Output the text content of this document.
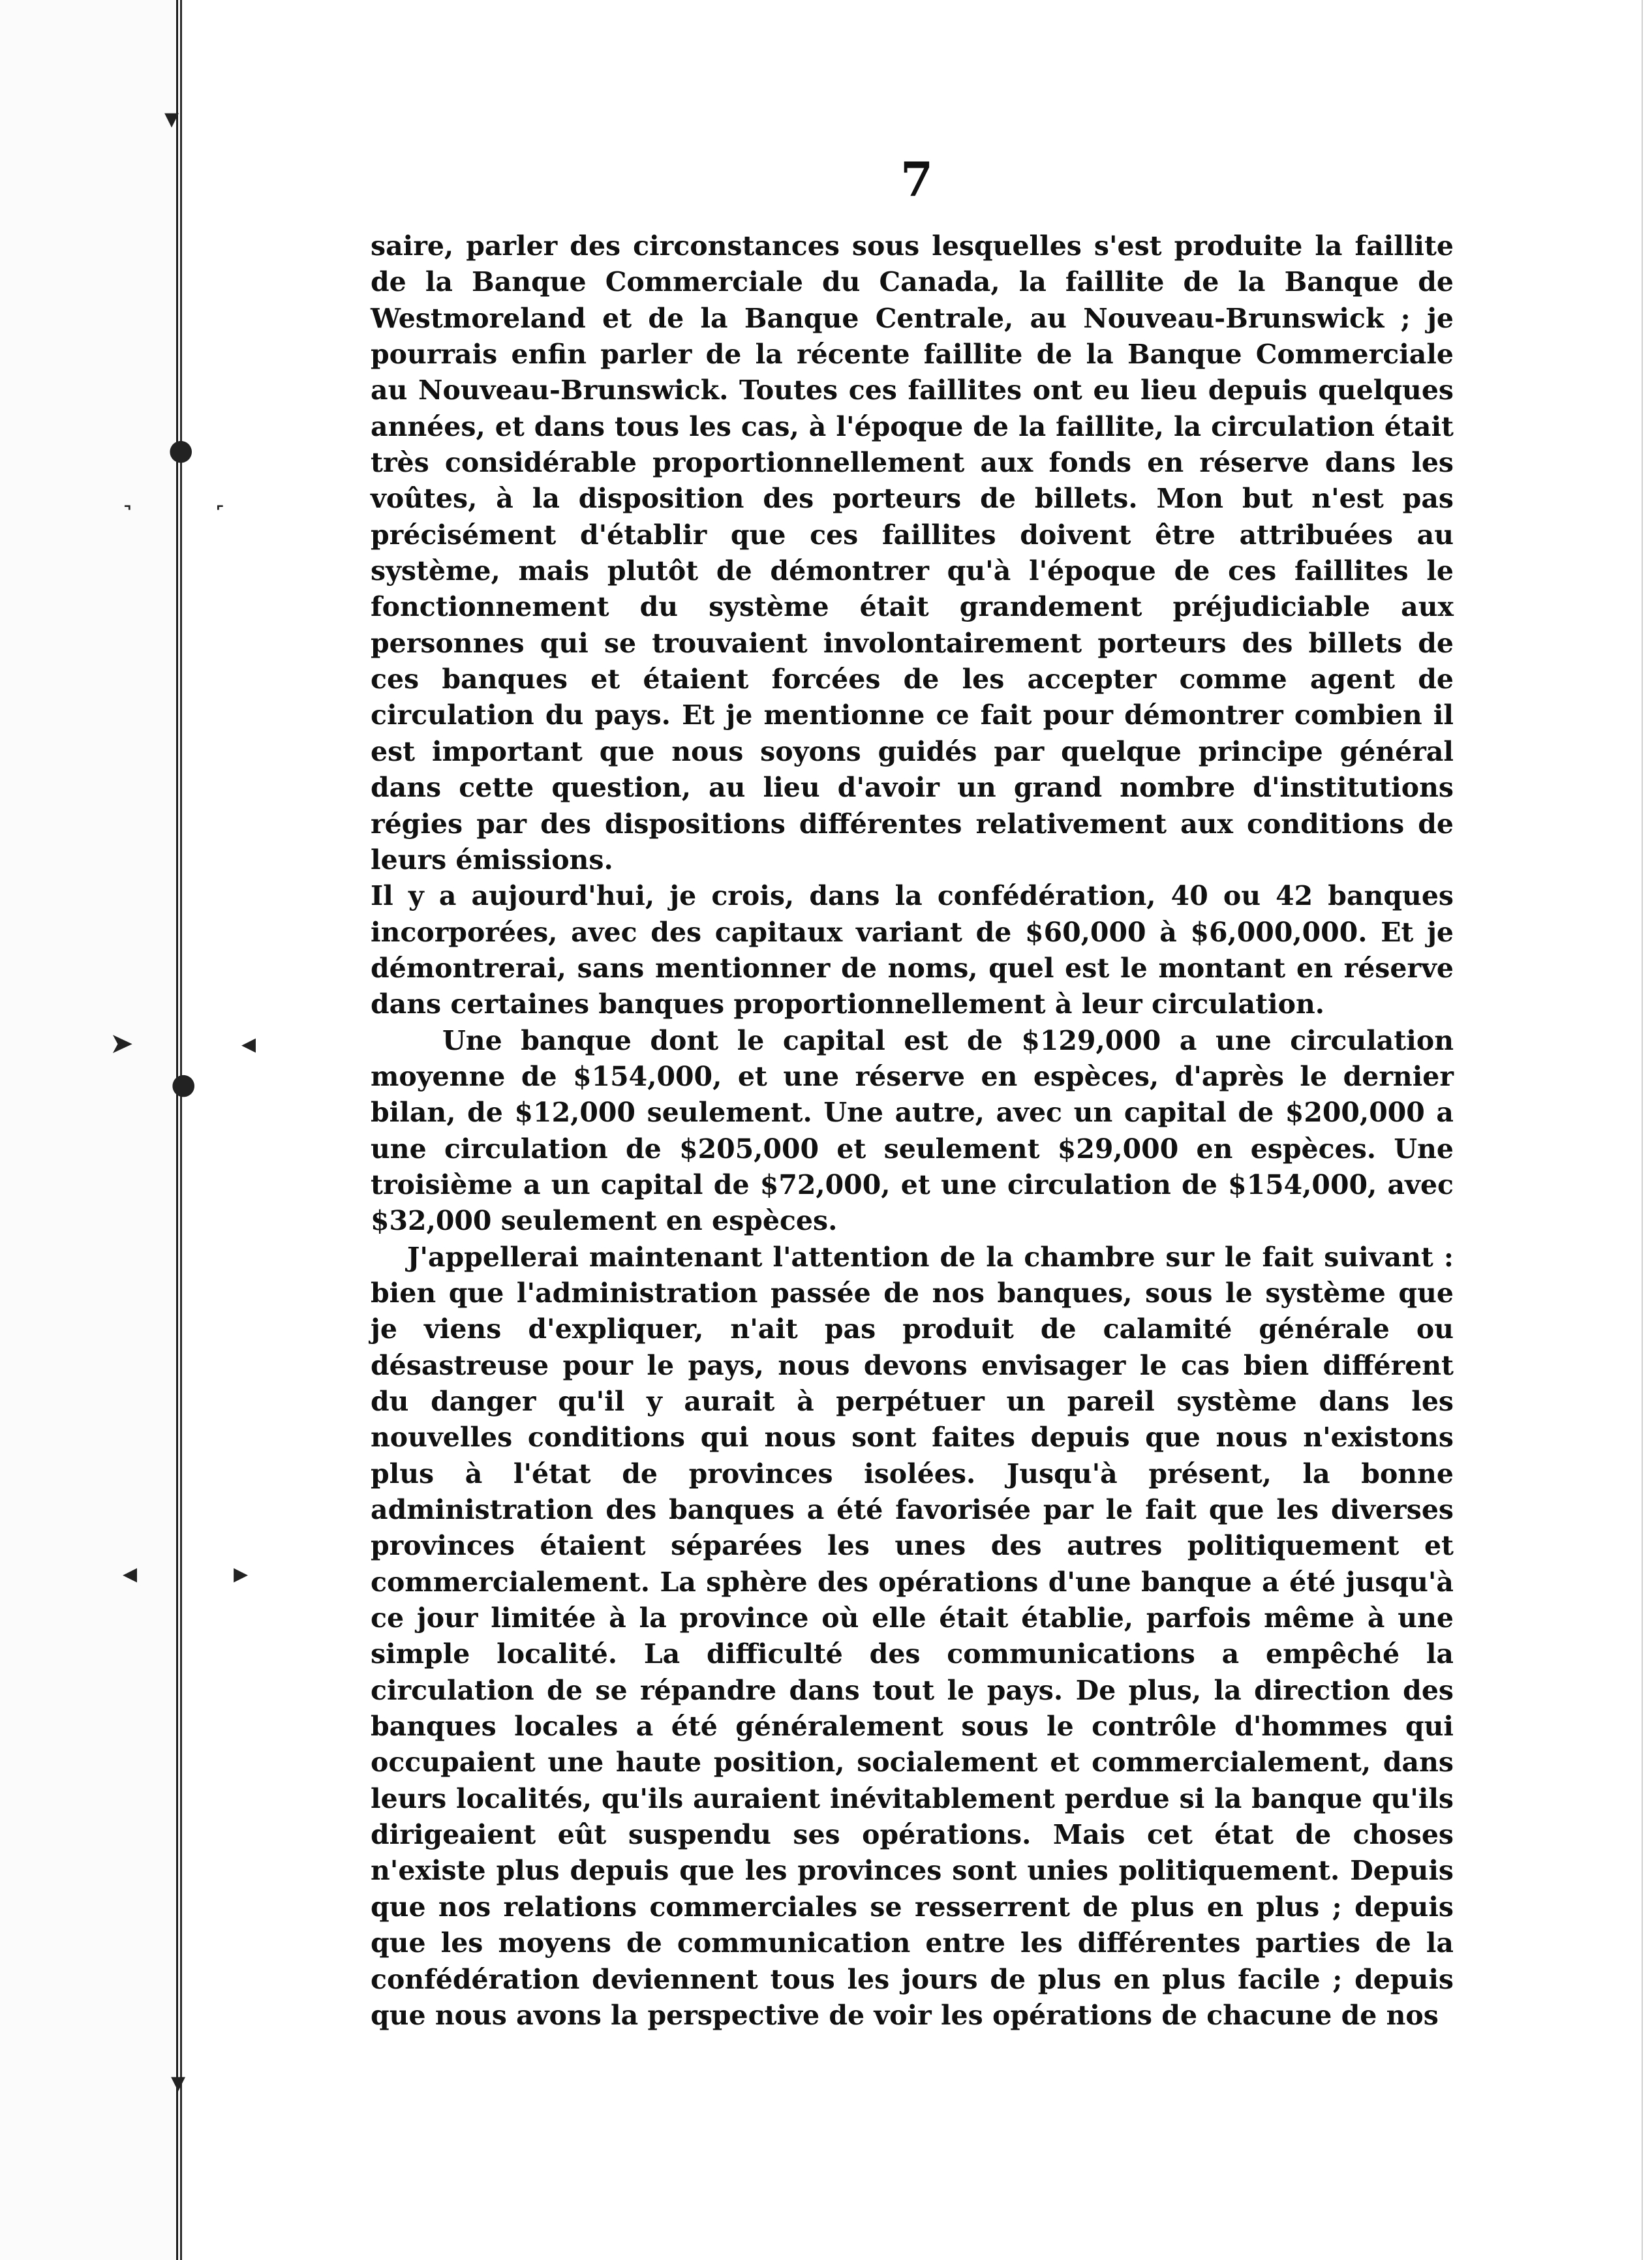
▾
●
˺	˹
➤	◂
●
◂	▸
▾
7

saire, parler des circonstances sous lesquelles s'est produite la faillite de la Banque Commerciale du Canada, la faillite de la Banque de Westmoreland et de la Banque Centrale, au Nouveau-Brunswick ; je pourrais enfin parler de la récente faillite de la Banque Commerciale au Nouveau-Brunswick. Toutes ces faillites ont eu lieu depuis quelques années, et dans tous les cas, à l'époque de la faillite, la circulation était très considérable proportionnellement aux fonds en réserve dans les voûtes, à la disposition des porteurs de billets. Mon but n'est pas précisément d'établir que ces faillites doivent être attribuées au système, mais plutôt de démontrer qu'à l'époque de ces faillites le fonctionnement du système était grandement préjudiciable aux personnes qui se trouvaient involontairement porteurs des billets de ces banques et étaient forcées de les accepter comme agent de circulation du pays. Et je mentionne ce fait pour démontrer combien il est important que nous soyons guidés par quelque principe général dans cette question, au lieu d'avoir un grand nombre d'institutions régies par des dispositions différentes relativement aux conditions de leurs émissions.

Il y a aujourd'hui, je crois, dans la confédération, 40 ou 42 banques incorporées, avec des capitaux variant de $60,000 à $6,000,000. Et je démontrerai, sans mentionner de noms, quel est le montant en réserve dans certaines banques proportionnellement à leur circulation.

Une banque dont le capital est de $129,000 a une circulation moyenne de $154,000, et une réserve en espèces, d'après le dernier bilan, de $12,000 seulement. Une autre, avec un capital de $200,000 a une circulation de $205,000 et seulement $29,000 en espèces. Une troisième a un capital de $72,000, et une circulation de $154,000, avec $32,000 seulement en espèces.

J'appellerai maintenant l'attention de la chambre sur le fait suivant : bien que l'administration passée de nos banques, sous le système que je viens d'expliquer, n'ait pas produit de calamité générale ou désastreuse pour le pays, nous devons envisager le cas bien différent du danger qu'il y aurait à perpétuer un pareil système dans les nouvelles conditions qui nous sont faites depuis que nous n'existons plus à l'état de provinces isolées. Jusqu'à présent, la bonne administration des banques a été favorisée par le fait que les diverses provinces étaient séparées les unes des autres politiquement et commercialement. La sphère des opérations d'une banque a été jusqu'à ce jour limitée à la province où elle était établie, parfois même à une simple localité. La difficulté des communications a empêché la circulation de se répandre dans tout le pays. De plus, la direction des banques locales a été généralement sous le contrôle d'hommes qui occupaient une haute position, socialement et commercialement, dans leurs localités, qu'ils auraient inévitablement perdue si la banque qu'ils dirigeaient eût suspendu ses opérations. Mais cet état de choses n'existe plus depuis que les provinces sont unies politiquement. Depuis que nos relations commerciales se resserrent de plus en plus ; depuis que les moyens de communication entre les différentes parties de la confédération deviennent tous les jours de plus en plus facile ; depuis que nous avons la perspective de voir les opérations de chacune de nos
